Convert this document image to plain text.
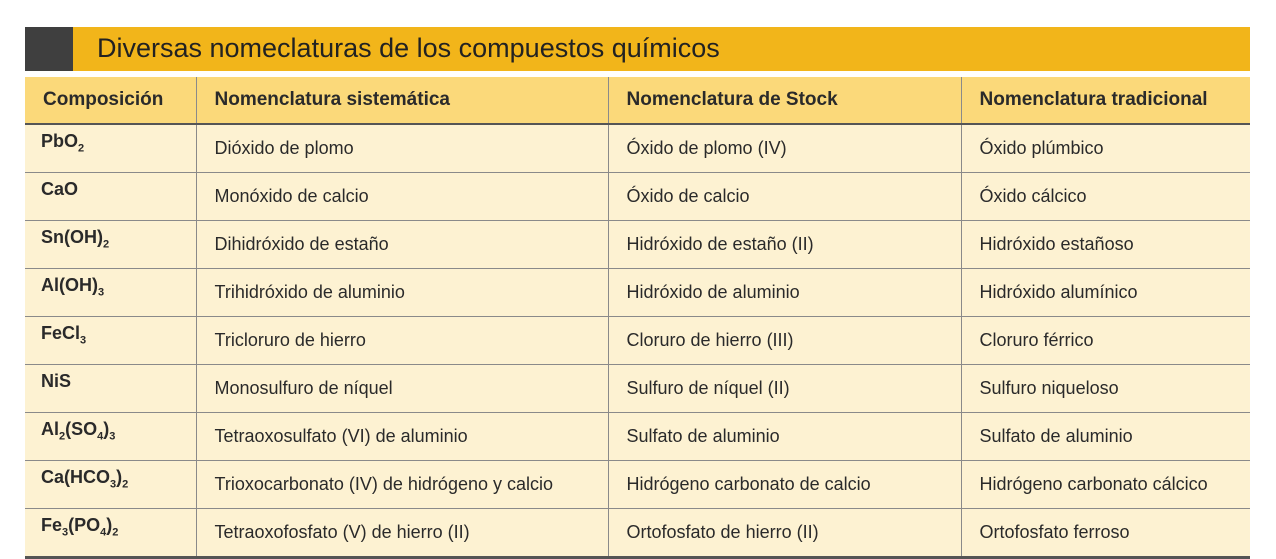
Diversas nomeclaturas de los compuestos químicos
Composición	Nomenclatura sistemática	Nomenclatura de Stock	Nomenclatura tradicional
PbO$_2$	Dióxido de plomo	Óxido de plomo (IV)	Óxido plúmbico
CaO	Monóxido de calcio	Óxido de calcio	Óxido cálcico
$Sn(OH)_2$	Dihidróxido de estaño	Hidróxido de estaño (II)	Hidróxido estañoso
$Al(OH)_3$	Trihidróxido de aluminio	Hidróxido de aluminio	Hidróxido alumínico
FeCl$_3$	Tricloruro de hierro	Cloruro de hierro (III)	Cloruro férrico
NiS	Monosulfuro de níquel	Sulfuro de níquel (II)	Sulfuro niqueloso
$Al_2(SO_4)_3$	Tetraoxosulfato (VI) de aluminio	Sulfato de aluminio	Sulfato de aluminio
$Ca(HCO_3)_2$	Trioxocarbonato (IV) de hidrógeno y calcio	Hidrógeno carbonato de calcio	Hidrógeno carbonato cálcico
$Fe_3(PO_4)_2$	Tetraoxofosfato (V) de hierro (II)	Ortofosfato de hierro (II)	Ortofosfato ferroso
